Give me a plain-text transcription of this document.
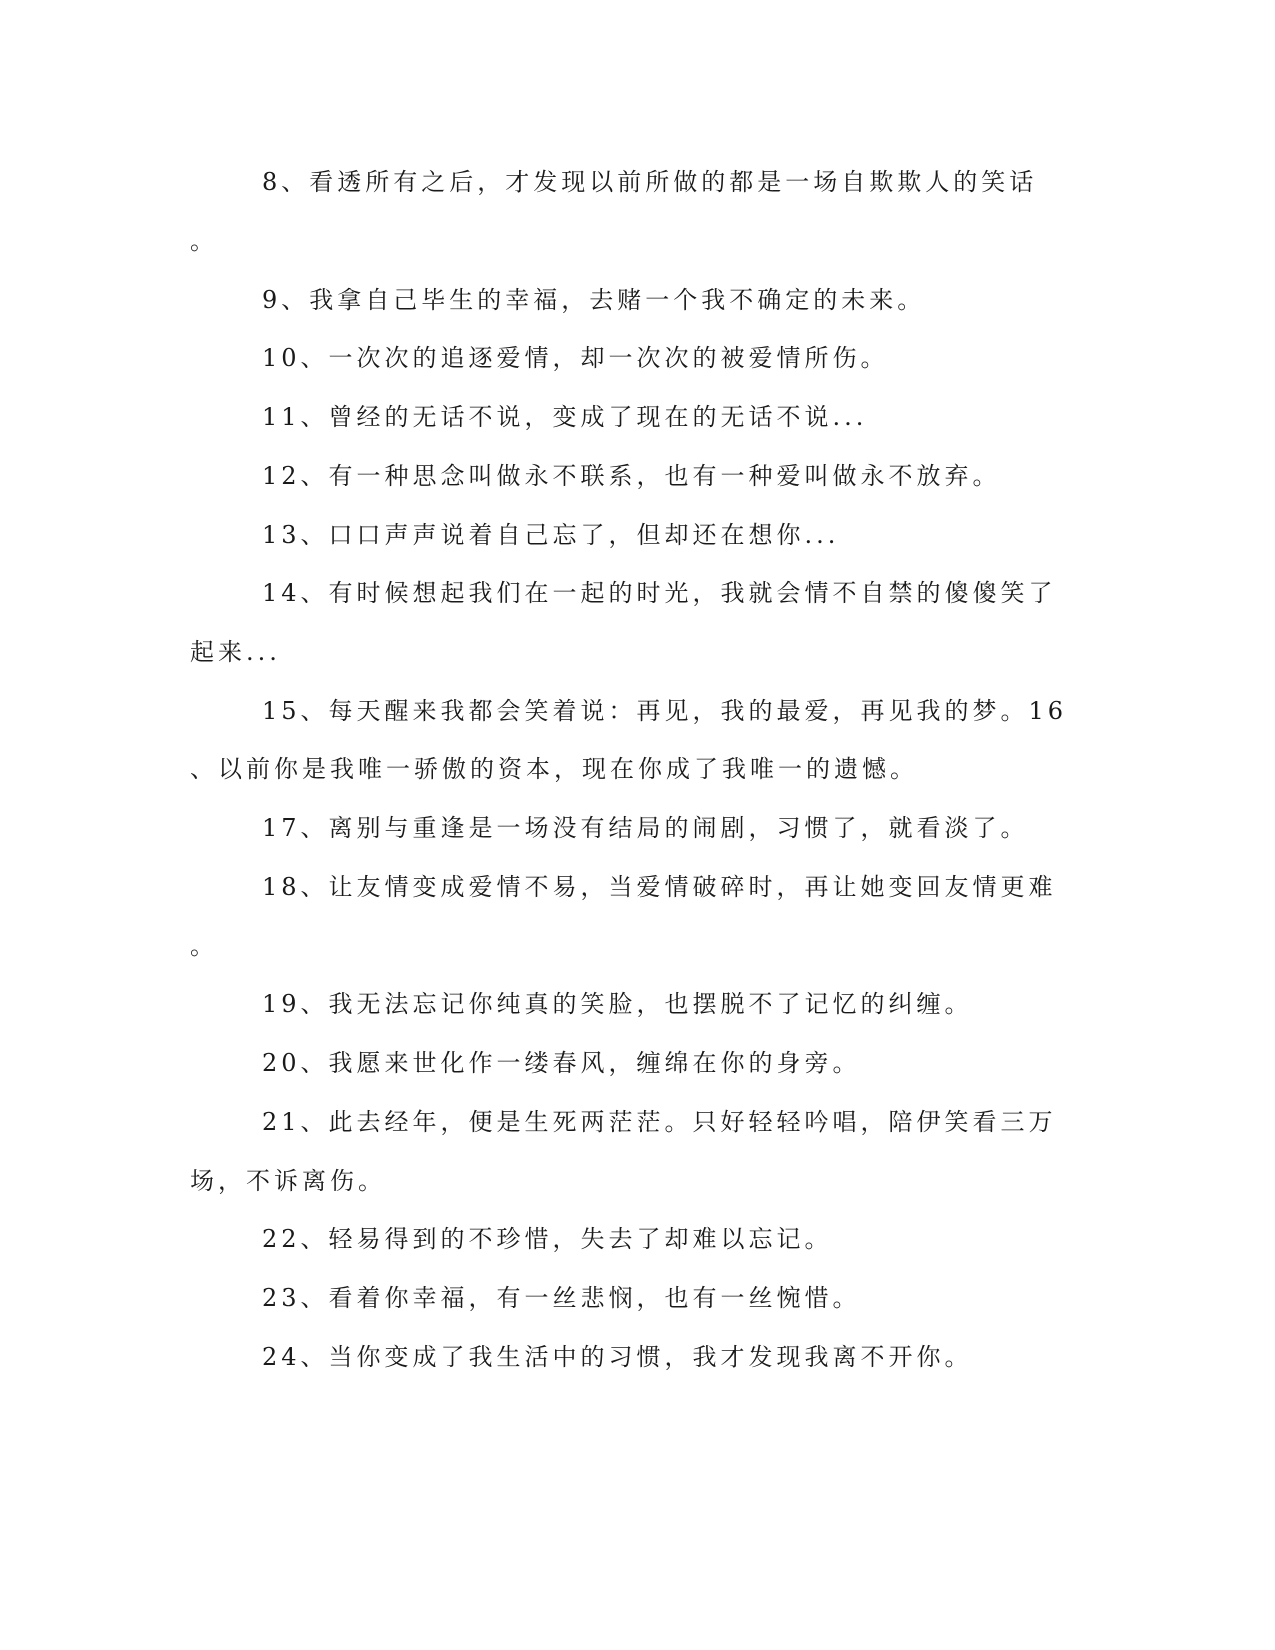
8、看透所有之后，才发现以前所做的都是一场自欺欺人的笑话
。
9、我拿自己毕生的幸福，去赌一个我不确定的未来。
10、一次次的追逐爱情，却一次次的被爱情所伤。
11、曾经的无话不说，变成了现在的无话不说...
12、有一种思念叫做永不联系，也有一种爱叫做永不放弃。
13、口口声声说着自己忘了，但却还在想你...
14、有时候想起我们在一起的时光，我就会情不自禁的傻傻笑了
起来...
15、每天醒来我都会笑着说：再见，我的最爱，再见我的梦。16
、以前你是我唯一骄傲的资本，现在你成了我唯一的遗憾。
17、离别与重逢是一场没有结局的闹剧，习惯了，就看淡了。
18、让友情变成爱情不易，当爱情破碎时，再让她变回友情更难
。
19、我无法忘记你纯真的笑脸，也摆脱不了记忆的纠缠。
20、我愿来世化作一缕春风，缠绵在你的身旁。
21、此去经年，便是生死两茫茫。只好轻轻吟唱，陪伊笑看三万
场，不诉离伤。
22、轻易得到的不珍惜，失去了却难以忘记。
23、看着你幸福，有一丝悲悯，也有一丝惋惜。
24、当你变成了我生活中的习惯，我才发现我离不开你。
